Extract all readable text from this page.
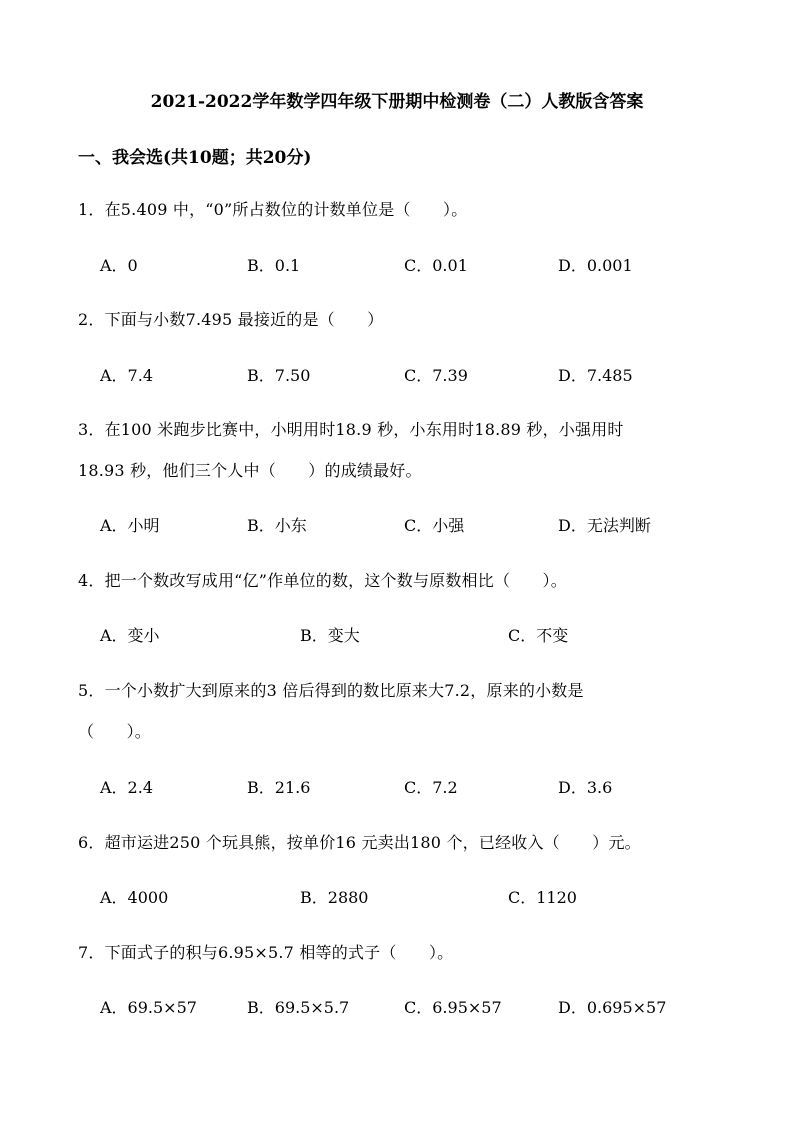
2021-2022学年数学四年级下册期中检测卷（二）人教版含答案
一、我会选(共10题；共20分)
1．在5.409 中，“0”所占数位的计数单位是（　　）。
A．0	B．0.1	C．0.01	D．0.001
2．下面与小数7.495 最接近的是（　　）
A．7.4	B．7.50	C．7.39	D．7.485
3．在100 米跑步比赛中，小明用时18.9 秒，小东用时18.89 秒，小强用时
18.93 秒，他们三个人中（　　）的成绩最好。
A．小明	B．小东	C．小强	D．无法判断
4．把一个数改写成用“亿”作单位的数，这个数与原数相比（　　）。
A．变小	B．变大	C．不变
5．一个小数扩大到原来的3 倍后得到的数比原来大7.2，原来的小数是
（　　）。
A．2.4	B．21.6	C．7.2	D．3.6
6．超市运进250 个玩具熊，按单价16 元卖出180 个，已经收入（　　）元。
A．4000	B．2880	C．1120
7．下面式子的积与6.95×5.7 相等的式子（　　）。
A．69.5×57	B．69.5×5.7	C．6.95×57	D．0.695×57
